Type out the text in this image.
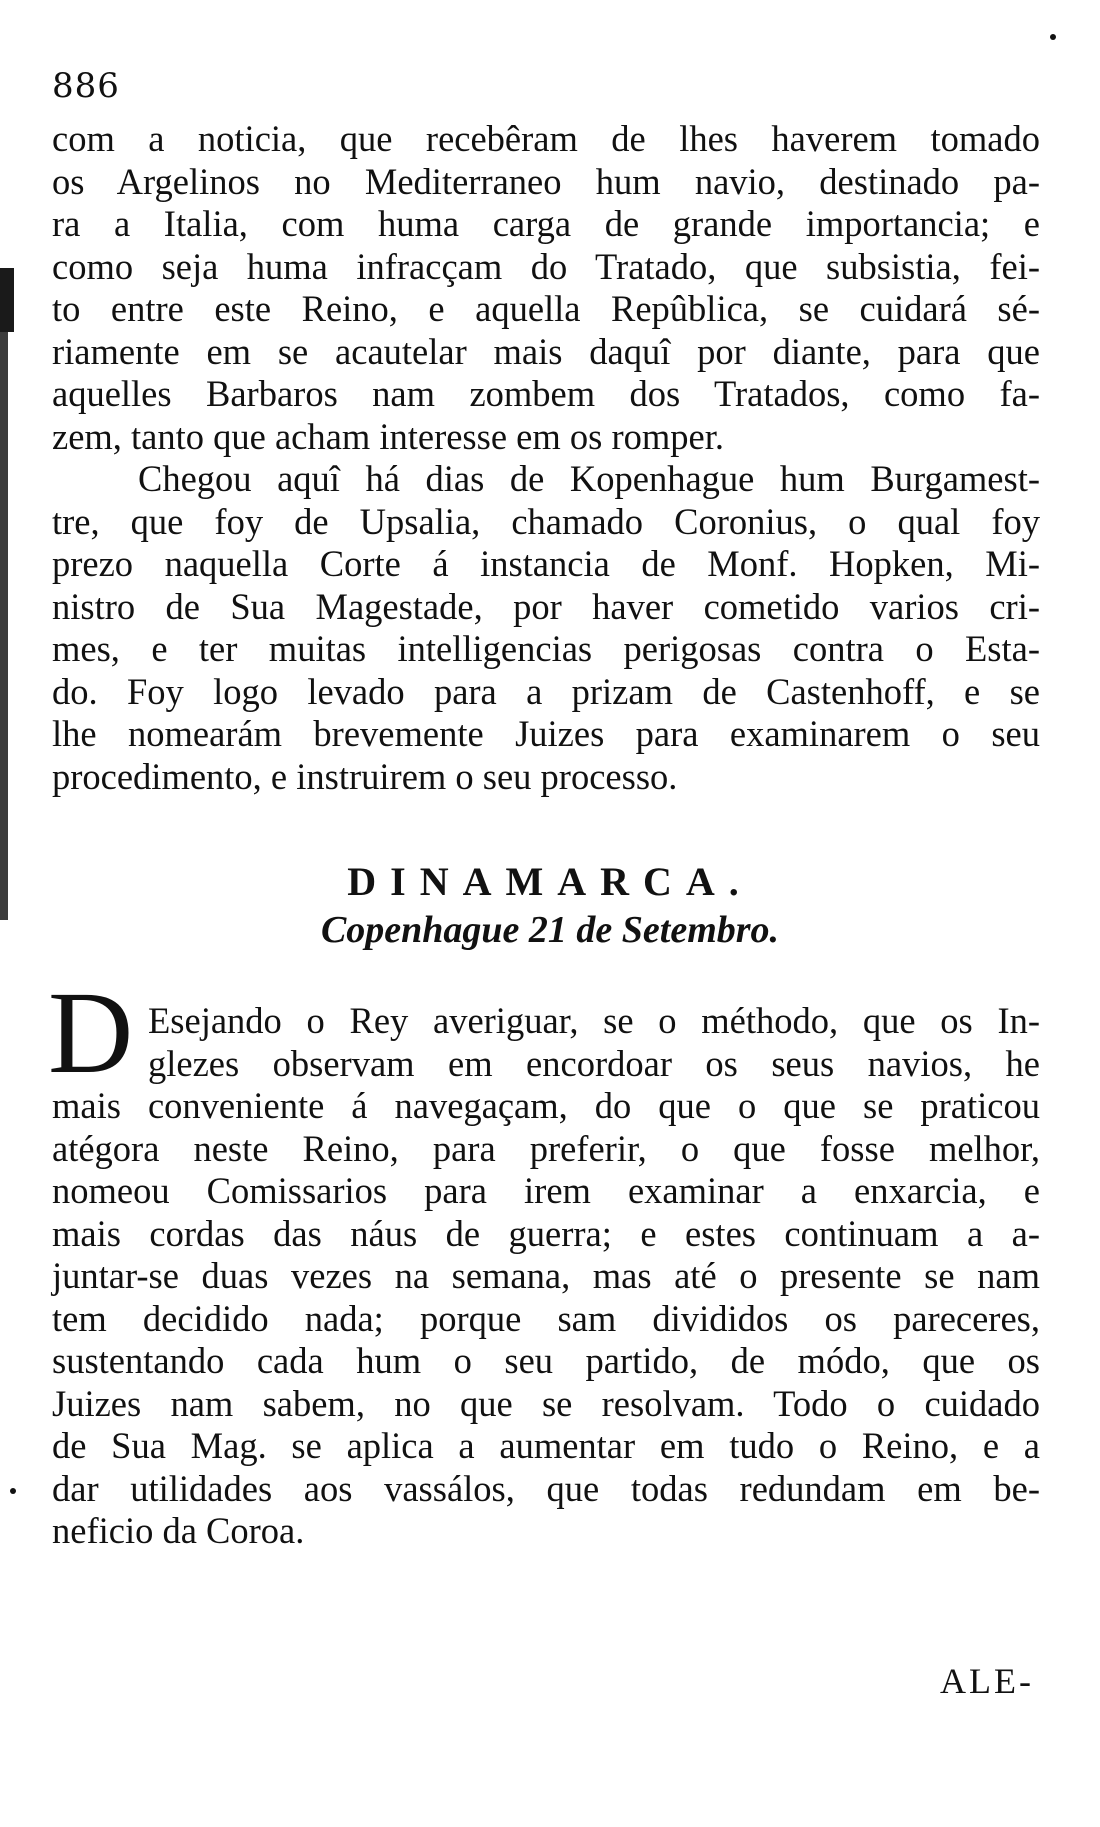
886
com a noticia, que recebêram de lhes haverem tomado
os Argelinos no Mediterraneo hum navio, destinado pa-
ra a Italia, com huma carga de grande importancia; e
como seja huma infracçam do Tratado, que subsistia, fei-
to entre este Reino, e aquella Repûblica, se cuidará sé-
riamente em se acautelar mais daquî por diante, para que
aquelles Barbaros nam zombem dos Tratados, como fa-
zem, tanto que acham interesse em os romper.
Chegou aquî há dias de Kopenhague hum Burgamest-
tre, que foy de Upsalia, chamado Coronius, o qual foy
prezo naquella Corte á instancia de Monf. Hopken, Mi-
nistro de Sua Magestade, por haver cometido varios cri-
mes, e ter muitas intelligencias perigosas contra o Esta-
do. Foy logo levado para a prizam de Castenhoff, e se
lhe nomearám brevemente Juizes para examinarem o seu
procedimento, e instruirem o seu processo.
DINAMARCA.
Copenhague 21 de Setembro.
D Esejando o Rey averiguar, se o méthodo, que os In-
glezes observam em encordoar os seus navios, he
mais conveniente á navegaçam, do que o que se praticou
atégora neste Reino, para preferir, o que fosse melhor,
nomeou Comissarios para irem examinar a enxarcia, e
mais cordas das náus de guerra; e estes continuam a a-
juntar-se duas vezes na semana, mas até o presente se nam
tem decidido nada; porque sam divididos os pareceres,
sustentando cada hum o seu partido, de módo, que os
Juizes nam sabem, no que se resolvam. Todo o cuidado
de Sua Mag. se aplica a aumentar em tudo o Reino, e a
dar utilidades aos vassálos, que todas redundam em be-
neficio da Coroa.
ALE-
